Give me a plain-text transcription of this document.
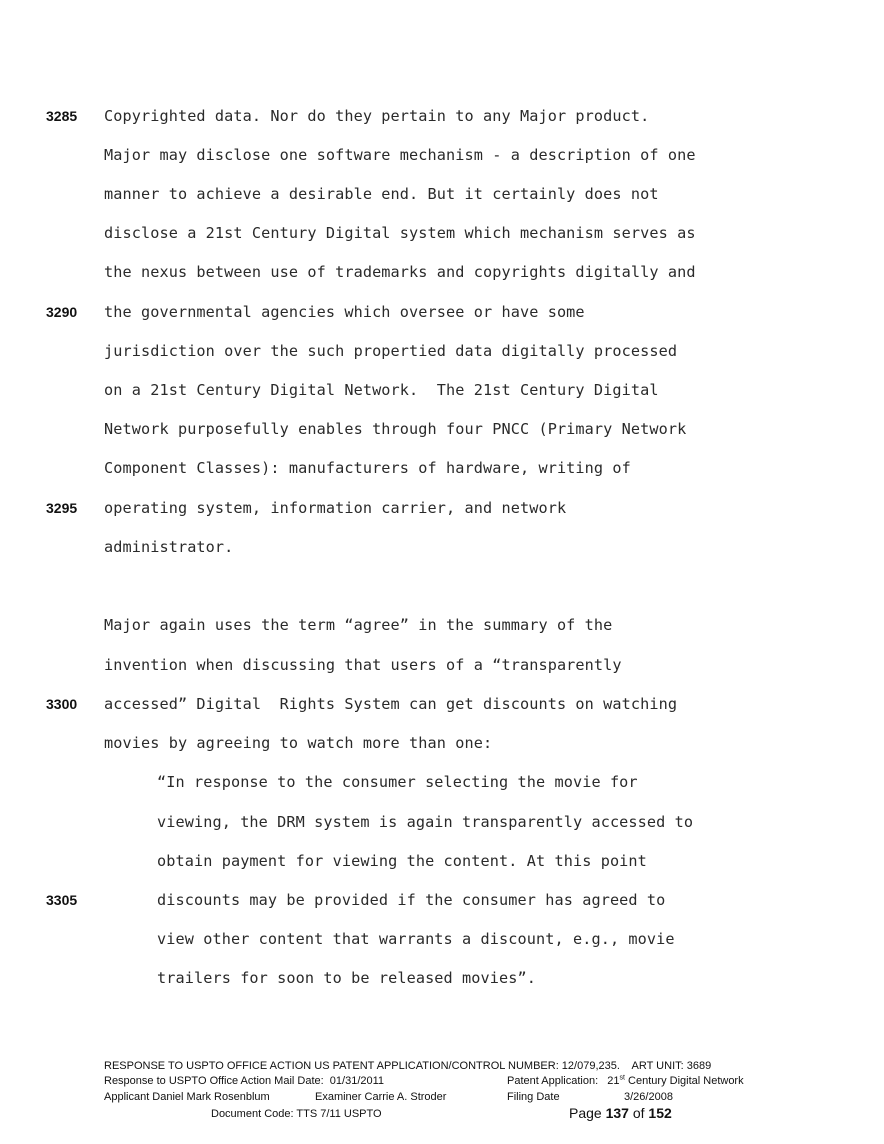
3285
3290
3295
3300
3305
Copyrighted data. Nor do they pertain to any Major product.
Major may disclose one software mechanism - a description of one
manner to achieve a desirable end. But it certainly does not
disclose a 21st Century Digital system which mechanism serves as
the nexus between use of trademarks and copyrights digitally and
the governmental agencies which oversee or have some
jurisdiction over the such propertied data digitally processed
on a 21st Century Digital Network.  The 21st Century Digital
Network purposefully enables through four PNCC (Primary Network
Component Classes): manufacturers of hardware, writing of
operating system, information carrier, and network
administrator.
Major again uses the term “agree” in the summary of the
invention when discussing that users of a “transparently
accessed” Digital  Rights System can get discounts on watching
movies by agreeing to watch more than one:
“In response to the consumer selecting the movie for
viewing, the DRM system is again transparently accessed to
obtain payment for viewing the content. At this point
discounts may be provided if the consumer has agreed to
view other content that warrants a discount, e.g., movie
trailers for soon to be released movies”.
RESPONSE TO USPTO OFFICE ACTION US PATENT APPLICATION/CONTROL NUMBER: 12/079,235.    ART UNIT: 3689
Response to USPTO Office Action Mail Date:  01/31/2011	Patent Application: 21st Century Digital Network
Applicant Daniel Mark Rosenblum	Examiner Carrie A. Stroder	Filing Date	3/26/2008
Document Code: TTS 7/11 USPTO	Page 137 of 152
